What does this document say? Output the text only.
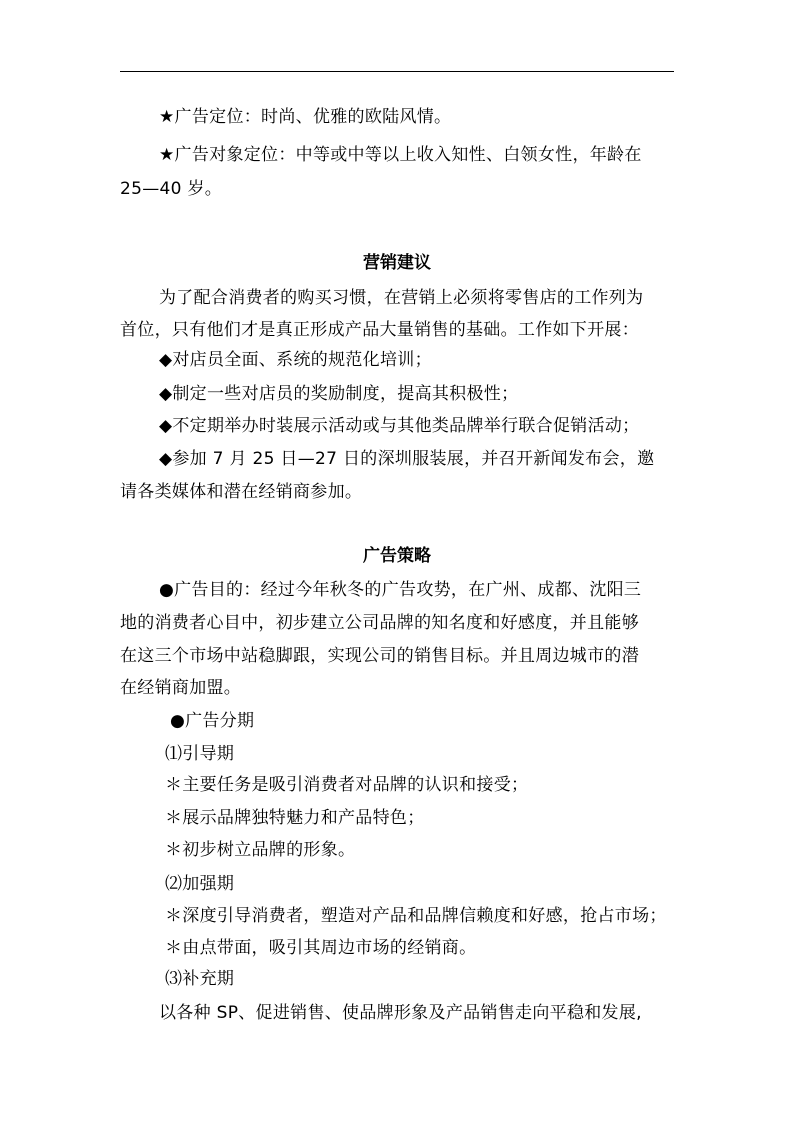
★广告定位：时尚、优雅的欧陆风情。
★广告对象定位：中等或中等以上收入知性、白领女性，年龄在
25—40 岁。
营销建议
为了配合消费者的购买习惯，在营销上必须将零售店的工作列为
首位，只有他们才是真正形成产品大量销售的基础。工作如下开展：
◆对店员全面、系统的规范化培训；
◆制定一些对店员的奖励制度，提高其积极性；
◆不定期举办时装展示活动或与其他类品牌举行联合促销活动；
◆参加 7 月 25 日—27 日的深圳服装展，并召开新闻发布会，邀
请各类媒体和潜在经销商参加。
广告策略
●广告目的：经过今年秋冬的广告攻势，在广州、成都、沈阳三
地的消费者心目中，初步建立公司品牌的知名度和好感度，并且能够
在这三个市场中站稳脚跟，实现公司的销售目标。并且周边城市的潜
在经销商加盟。
●广告分期
⑴引导期
＊主要任务是吸引消费者对品牌的认识和接受；
＊展示品牌独特魅力和产品特色；
＊初步树立品牌的形象。
⑵加强期
＊深度引导消费者，塑造对产品和品牌信赖度和好感，抢占市场；
＊由点带面，吸引其周边市场的经销商。
⑶补充期
以各种 SP、促进销售、使品牌形象及产品销售走向平稳和发展,
